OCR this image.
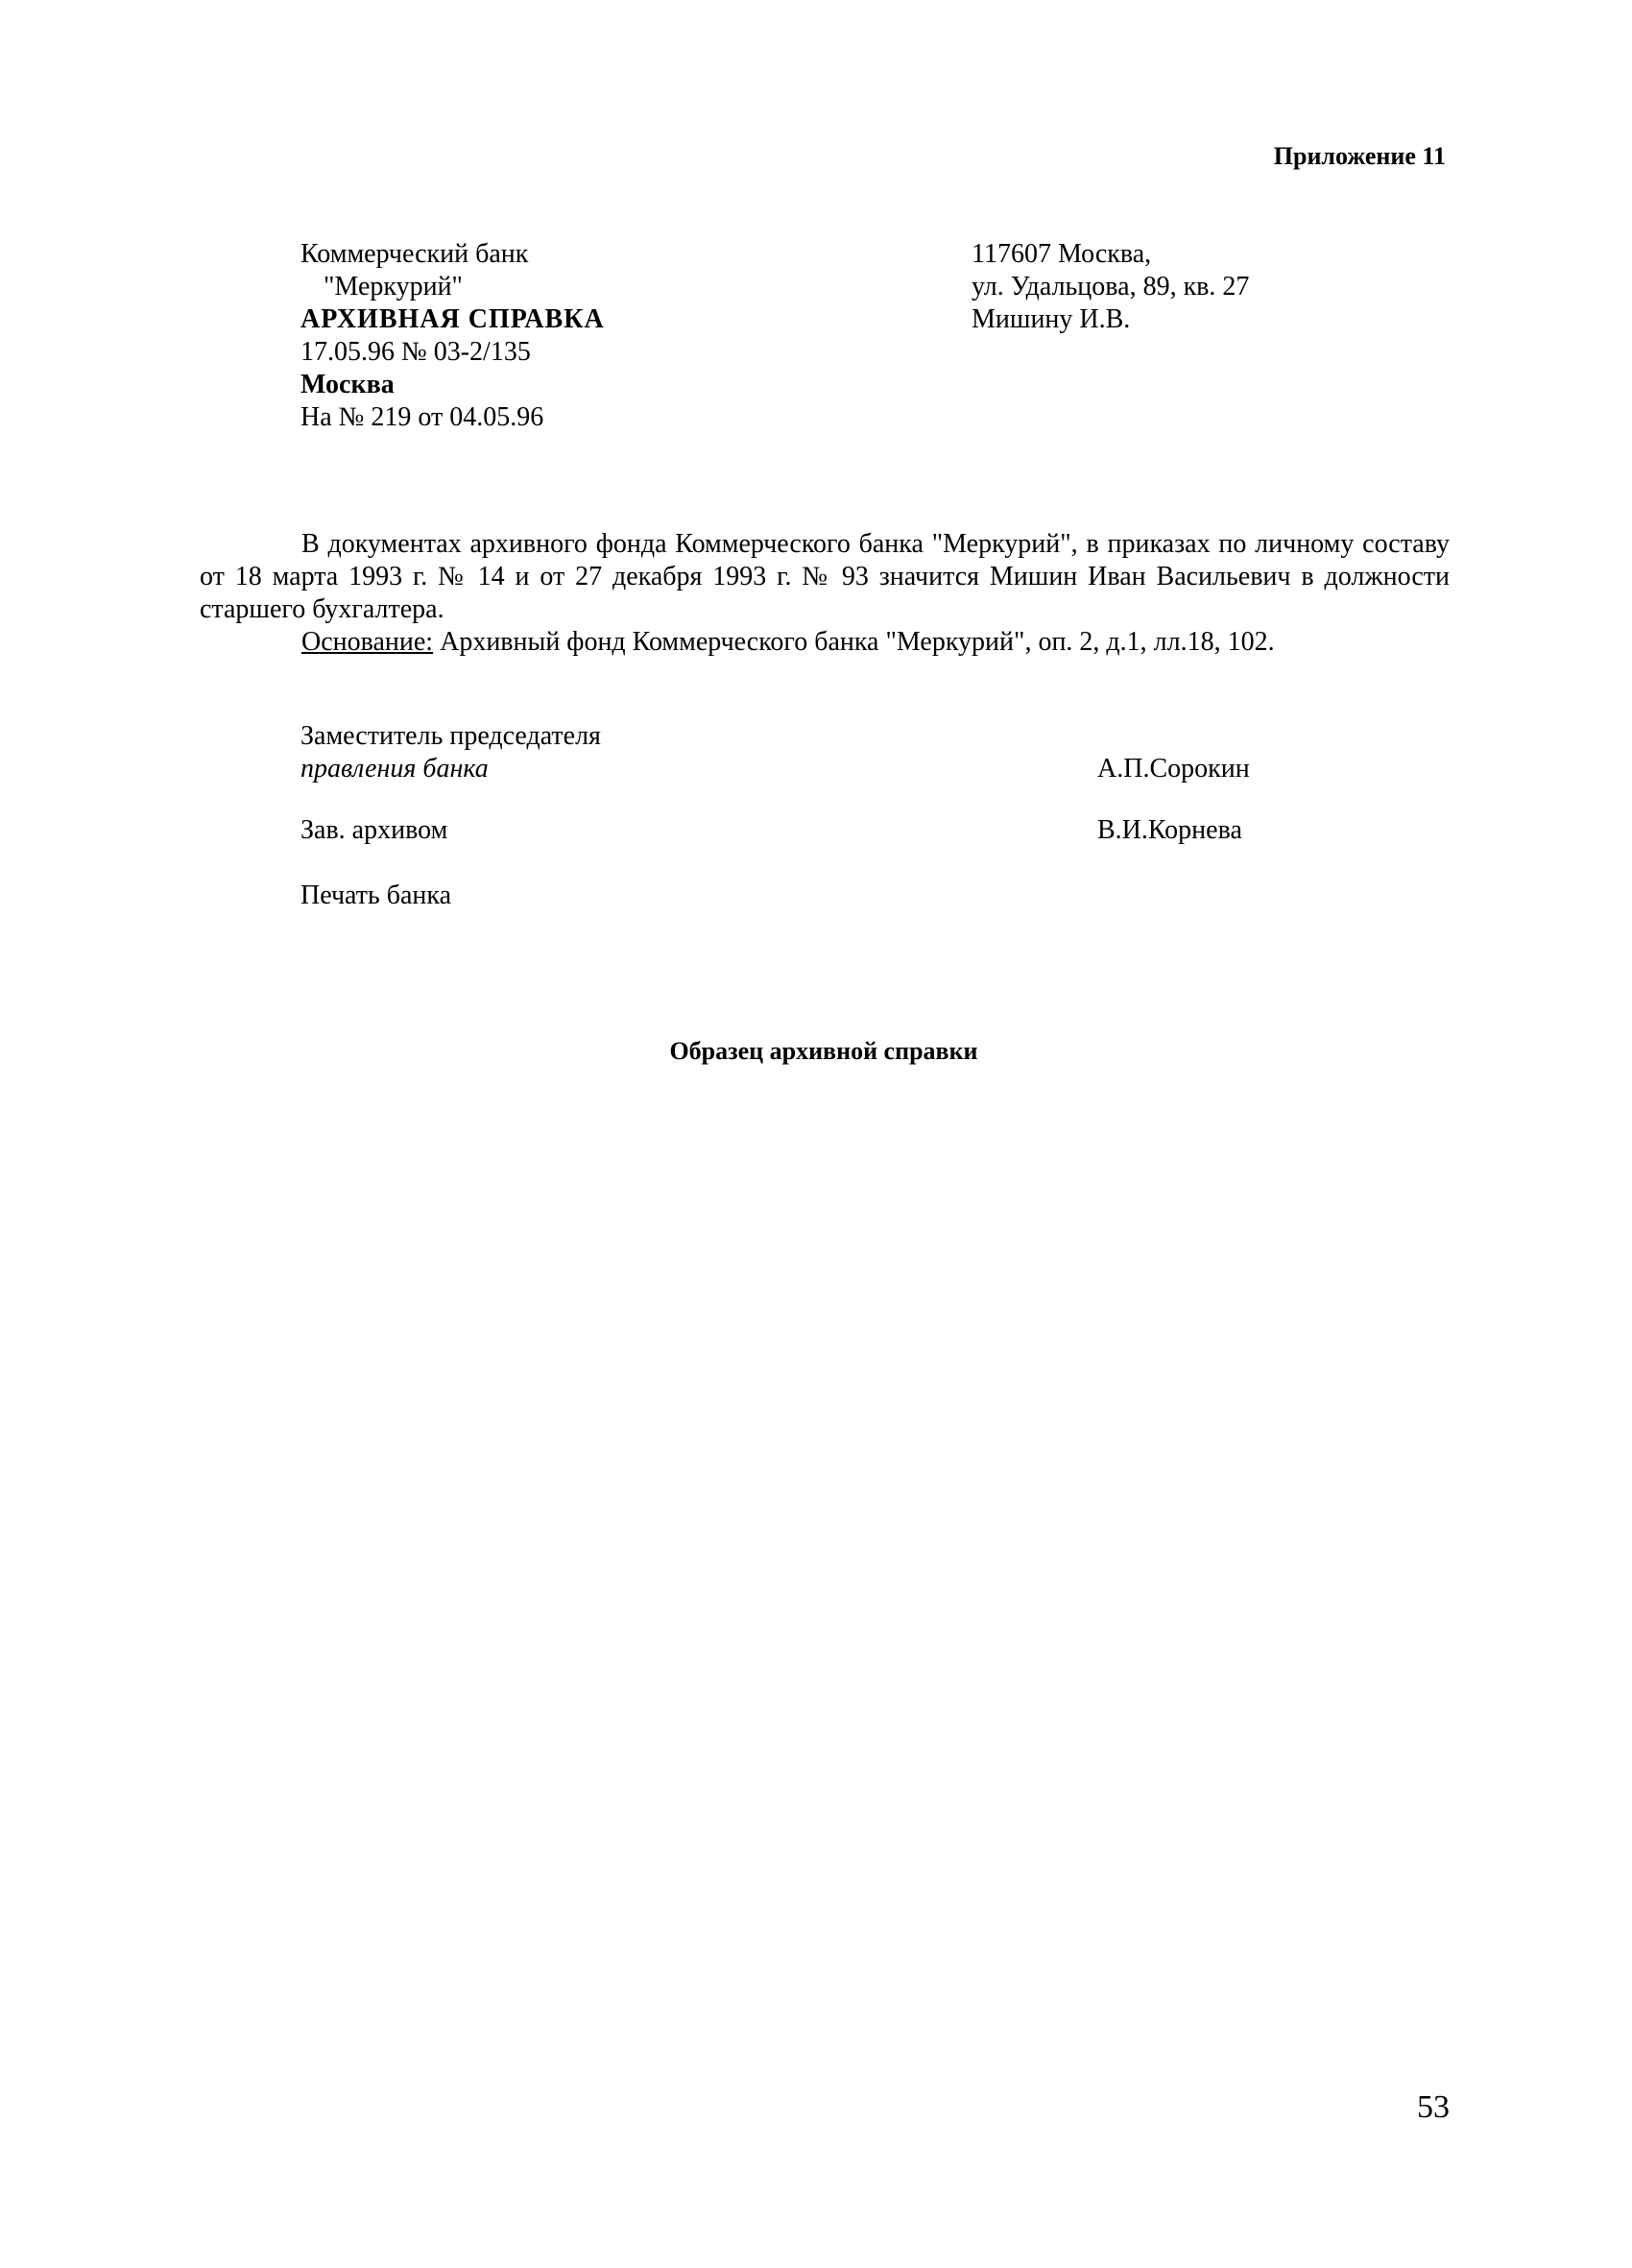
Приложение 11
Коммерческий банк
"Меркурий"
АРХИВНАЯ СПРАВКА
17.05.96 № 03-2/135
Москва
На № 219 от 04.05.96
117607 Москва,
ул. Удальцова, 89, кв. 27
Мишину И.В.
В документах архивного фонда Коммерческого банка "Меркурий", в приказах по личному составу от 18 марта 1993 г. № 14 и от 27 декабря 1993 г. № 93 значится Мишин Иван Васильевич в должности старшего бухгалтера.
Основание: Архивный фонд Коммерческого банка "Меркурий", оп. 2, д.1, лл.18, 102.
Заместитель председателя
правления банка	А.П.Сорокин
Зав. архивом	В.И.Корнева
Печать банка
Образец архивной справки
53
